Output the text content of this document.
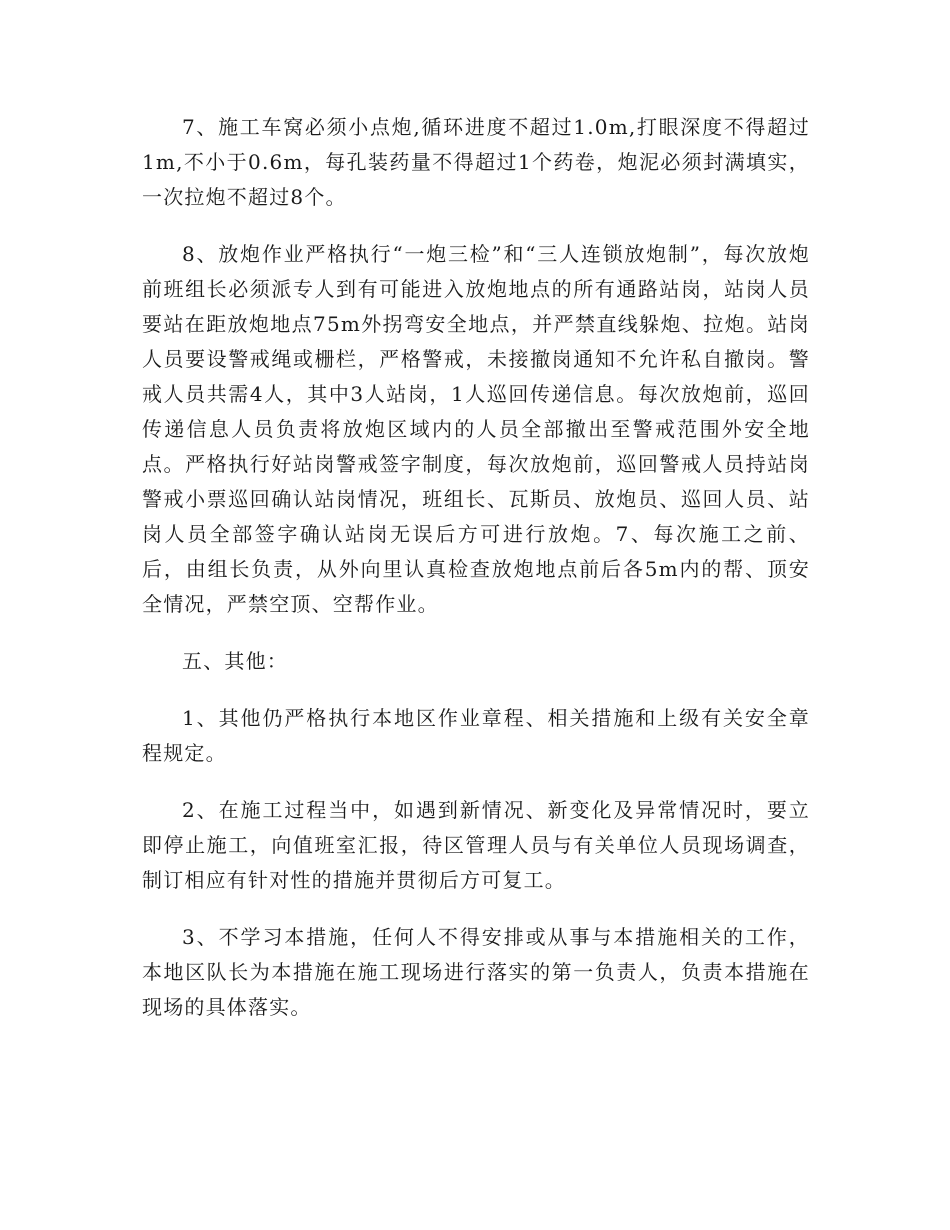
7、施工车窝必须小点炮,循环进度不超过1.0m,打眼深度不得超过1m,不小于0.6m，每孔装药量不得超过1个药卷，炮泥必须封满填实，一次拉炮不超过8个。

8、放炮作业严格执行“一炮三检”和“三人连锁放炮制”，每次放炮前班组长必须派专人到有可能进入放炮地点的所有通路站岗，站岗人员要站在距放炮地点75m外拐弯安全地点，并严禁直线躲炮、拉炮。站岗人员要设警戒绳或栅栏，严格警戒，未接撤岗通知不允许私自撤岗。警戒人员共需4人，其中3人站岗，1人巡回传递信息。每次放炮前，巡回传递信息人员负责将放炮区域内的人员全部撤出至警戒范围外安全地点。严格执行好站岗警戒签字制度，每次放炮前，巡回警戒人员持站岗警戒小票巡回确认站岗情况，班组长、瓦斯员、放炮员、巡回人员、站岗人员全部签字确认站岗无误后方可进行放炮。7、每次施工之前、后，由组长负责，从外向里认真检查放炮地点前后各5m内的帮、顶安全情况，严禁空顶、空帮作业。

五、其他：

1、其他仍严格执行本地区作业章程、相关措施和上级有关安全章程规定。

2、在施工过程当中，如遇到新情况、新变化及异常情况时，要立即停止施工，向值班室汇报，待区管理人员与有关单位人员现场调查，制订相应有针对性的措施并贯彻后方可复工。

3、不学习本措施，任何人不得安排或从事与本措施相关的工作，本地区队长为本措施在施工现场进行落实的第一负责人，负责本措施在现场的具体落实。
